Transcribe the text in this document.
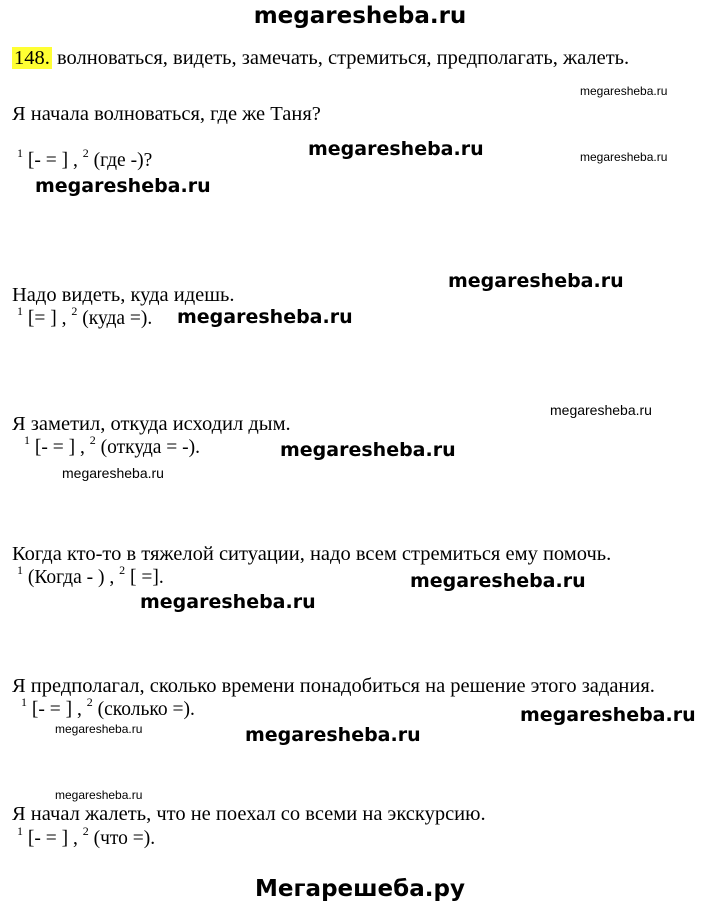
megaresheba.ru
148. волноваться, видеть, замечать, стремиться, предполагать, жалеть.
Я начала волноваться, где же Таня?
$^1$ [- = ] , $^2$ (где -)?
Надо видеть, куда идешь.
$^1$ [= ] , $^2$ (куда =).
Я заметил, откуда исходил дым.
$^1$ [- = ] , $^2$ (откуда = -).
Когда кто-то в тяжелой ситуации, надо всем стремиться ему помочь.
$^1$ (Когда - ) , $^2$ [ =].
Я предполагал, сколько времени понадобиться на решение этого задания.
$^1$ [- = ] , $^2$ (сколько =).
Я начал жалеть, что не поехал со всеми на экскурсию.
$^1$ [- = ] , $^2$ (что =).
megaresheba.ru
megaresheba.ru	megaresheba.ru
megaresheba.ru
megaresheba.ru
megaresheba.ru
megaresheba.ru
megaresheba.ru
megaresheba.ru
megaresheba.ru
megaresheba.ru
megaresheba.ru
megaresheba.ru	megaresheba.ru
megaresheba.ru
Мегарешеба.ру
